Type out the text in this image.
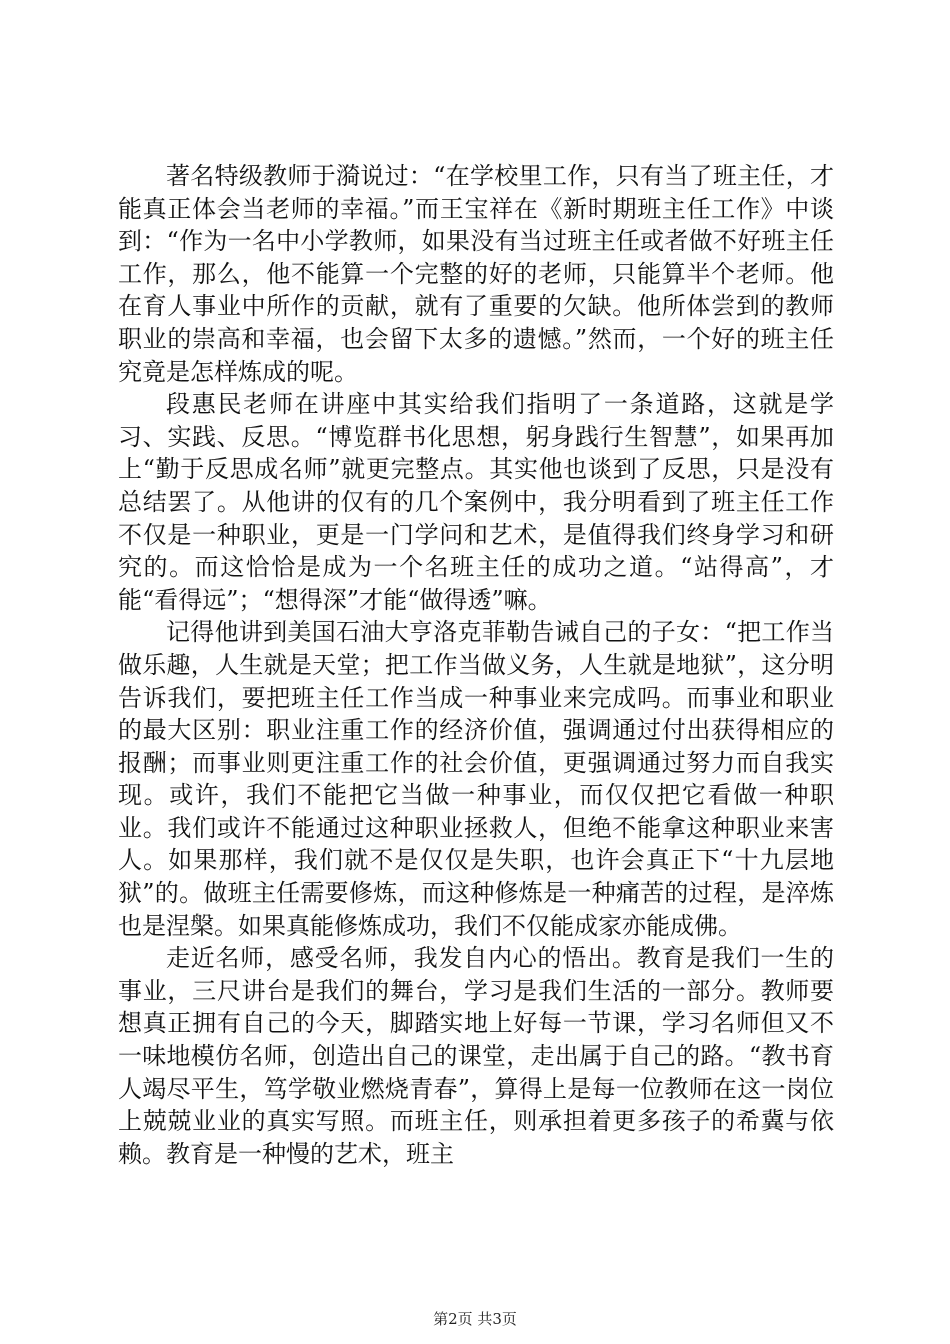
著名特级教师于漪说过：“在学校里工作，只有当了班主任，才能真正体会当老师的幸福。”而王宝祥在《新时期班主任工作》中谈到：“作为一名中小学教师，如果没有当过班主任或者做不好班主任工作，那么，他不能算一个完整的好的老师，只能算半个老师。他在育人事业中所作的贡献，就有了重要的欠缺。他所体尝到的教师职业的崇高和幸福，也会留下太多的遗憾。”然而，一个好的班主任究竟是怎样炼成的呢。

段惠民老师在讲座中其实给我们指明了一条道路，这就是学习、实践、反思。“博览群书化思想，躬身践行生智慧”，如果再加上“勤于反思成名师”就更完整点。其实他也谈到了反思，只是没有总结罢了。从他讲的仅有的几个案例中，我分明看到了班主任工作不仅是一种职业，更是一门学问和艺术，是值得我们终身学习和研究的。而这恰恰是成为一个名班主任的成功之道。“站得高”，才能“看得远”；“想得深”才能“做得透”嘛。

记得他讲到美国石油大亨洛克菲勒告诫自己的子女：“把工作当做乐趣，人生就是天堂；把工作当做义务，人生就是地狱”，这分明告诉我们，要把班主任工作当成一种事业来完成吗。而事业和职业的最大区别：职业注重工作的经济价值，强调通过付出获得相应的报酬；而事业则更注重工作的社会价值，更强调通过努力而自我实现。或许，我们不能把它当做一种事业，而仅仅把它看做一种职业。我们或许不能通过这种职业拯救人，但绝不能拿这种职业来害人。如果那样，我们就不是仅仅是失职，也许会真正下“十九层地狱”的。做班主任需要修炼，而这种修炼是一种痛苦的过程，是淬炼也是涅槃。如果真能修炼成功，我们不仅能成家亦能成佛。

走近名师，感受名师，我发自内心的悟出。教育是我们一生的事业，三尺讲台是我们的舞台，学习是我们生活的一部分。教师要想真正拥有自己的今天，脚踏实地上好每一节课，学习名师但又不一味地模仿名师，创造出自己的课堂，走出属于自己的路。“教书育人竭尽平生，笃学敬业燃烧青春”，算得上是每一位教师在这一岗位上兢兢业业的真实写照。而班主任，则承担着更多孩子的希冀与依赖。教育是一种慢的艺术，班主

第2页 共3页
